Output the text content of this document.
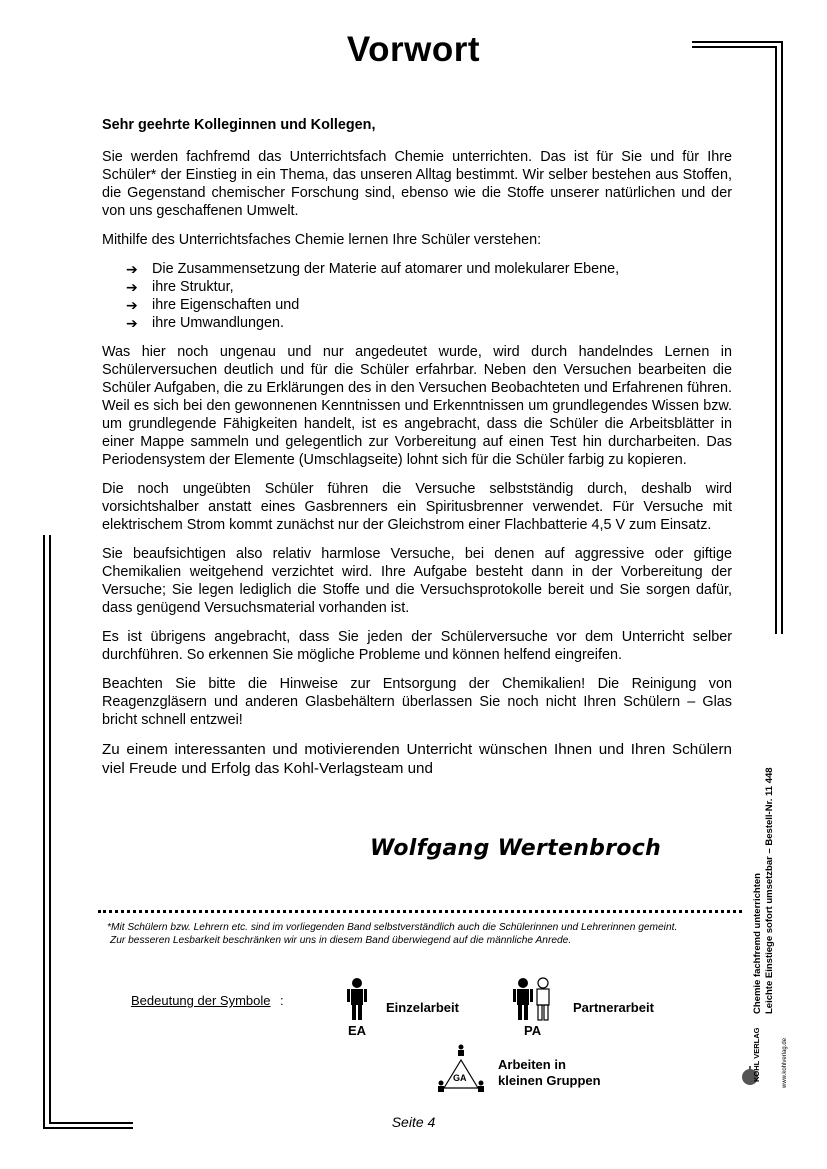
Vorwort

Sehr geehrte Kolleginnen und Kollegen,

Sie werden fachfremd das Unterrichtsfach Chemie unterrichten. Das ist für Sie und für Ihre Schüler* der Einstieg in ein Thema, das unseren Alltag bestimmt. Wir selber bestehen aus Stoffen, die Gegenstand chemischer Forschung sind, ebenso wie die Stoffe unserer natürlichen und der von uns geschaffenen Umwelt.

Mithilfe des Unterrichtsfaches Chemie lernen Ihre Schüler verstehen:

➔ Die Zusammensetzung der Materie auf atomarer und molekularer Ebene,
➔ ihre Struktur,
➔ ihre Eigenschaften und
➔ ihre Umwandlungen.

Was hier noch ungenau und nur angedeutet wurde, wird durch handelndes Lernen in Schülerversuchen deutlich und für die Schüler erfahrbar. Neben den Versuchen bearbeiten die Schüler Aufgaben, die zu Erklärungen des in den Versuchen Beobachteten und Erfahrenen führen. Weil es sich bei den gewonnenen Kenntnissen und Erkenntnissen um grundlegendes Wissen bzw. um grundlegende Fähigkeiten handelt, ist es angebracht, dass die Schüler die Arbeitsblätter in einer Mappe sammeln und gelegentlich zur Vorbereitung auf einen Test hin durcharbeiten. Das Periodensystem der Elemente (Umschlagseite) lohnt sich für die Schüler farbig zu kopieren.

Die noch ungeübten Schüler führen die Versuche selbstständig durch, deshalb wird vorsichtshalber anstatt eines Gasbrenners ein Spiritusbrenner verwendet. Für Versuche mit elektrischem Strom kommt zunächst nur der Gleichstrom einer Flachbatterie 4,5 V zum Einsatz.

Sie beaufsichtigen also relativ harmlose Versuche, bei denen auf aggressive oder giftige Chemikalien weitgehend verzichtet wird. Ihre Aufgabe besteht dann in der Vorbereitung der Versuche; Sie legen lediglich die Stoffe und die Versuchsprotokolle bereit und Sie sorgen dafür, dass genügend Versuchsmaterial vorhanden ist.

Es ist übrigens angebracht, dass Sie jeden der Schülerversuche vor dem Unterricht selber durchführen. So erkennen Sie mögliche Probleme und können helfend eingreifen.

Beachten Sie bitte die Hinweise zur Entsorgung der Chemikalien! Die Reinigung von Reagenzgläsern und anderen Glasbehältern überlassen Sie noch nicht Ihren Schülern – Glas bricht schnell entzwei!

Zu einem interessanten und motivierenden Unterricht wünschen Ihnen und Ihren Schülern viel Freude und Erfolg das Kohl-Verlagsteam und

Wolfgang Wertenbroch
*Mit Schülern bzw. Lehrern etc. sind im vorliegenden Band selbstverständlich auch die Schülerinnen und Lehrerinnen gemeint.
Zur besseren Lesbarkeit beschränken wir uns in diesem Band überwiegend auf die männliche Anrede.
Bedeutung der Symbole :
EA
Einzelarbeit
PA
Partnerarbeit
GA
Arbeiten in
kleinen Gruppen
Seite 4
Chemie fachfremd unterrichten Leichte Einstiege sofort umsetzbar – Bestell-Nr. 11 448
KOHL VERLAG	www.kohlverlag.de
